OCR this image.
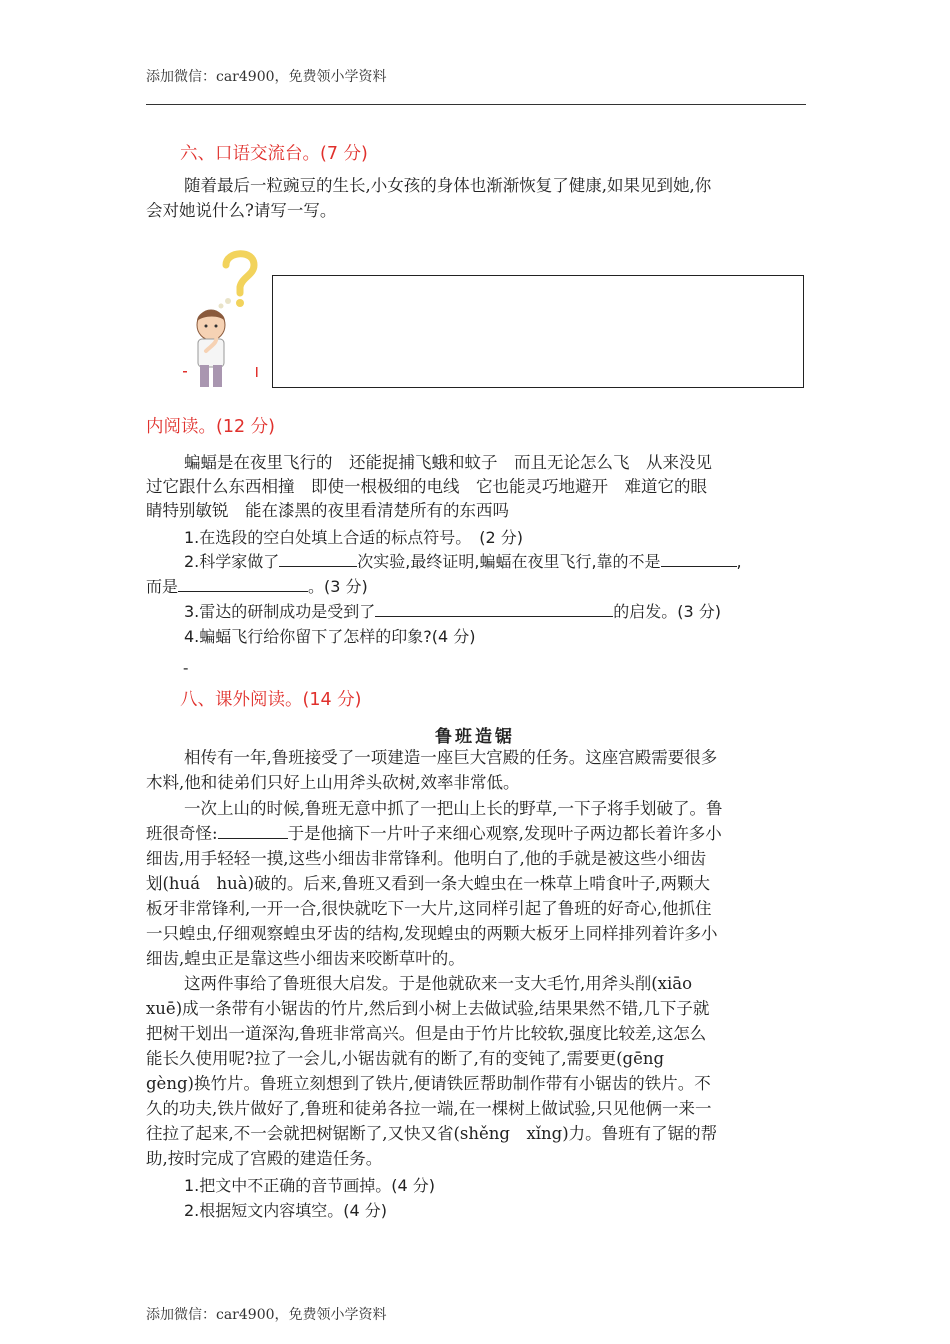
添加微信：car4900，免费领小学资料
六、口语交流台。(7 分)
随着最后一粒豌豆的生长,小女孩的身体也渐渐恢复了健康,如果见到她,你
会对她说什么?请写一写。
内阅读。(12 分)
蝙蝠是在夜里飞行的　还能捉捕飞蛾和蚊子　而且无论怎么飞　从来没见
过它跟什么东西相撞　即使一根极细的电线　它也能灵巧地避开　难道它的眼
睛特别敏锐　能在漆黑的夜里看清楚所有的东西吗
1.在选段的空白处填上合适的标点符号。　(2 分)
2.科学家做了	次实验,最终证明,蝙蝠在夜里飞行,靠的不是	,
而是	。(3 分)
3.雷达的研制成功是受到了	的启发。(3 分)
4.蝙蝠飞行给你留下了怎样的印象?(4 分)
-
八、课外阅读。(14 分)
鲁班造锯
相传有一年,鲁班接受了一项建造一座巨大宫殿的任务。这座宫殿需要很多
木料,他和徒弟们只好上山用斧头砍树,效率非常低。
一次上山的时候,鲁班无意中抓了一把山上长的野草,一下子将手划破了。鲁
班很奇怪:	于是他摘下一片叶子来细心观察,发现叶子两边都长着许多小
细齿,用手轻轻一摸,这些小细齿非常锋利。他明白了,他的手就是被这些小细齿
划(huá　huà)破的。后来,鲁班又看到一条大蝗虫在一株草上啃食叶子,两颗大
板牙非常锋利,一开一合,很快就吃下一大片,这同样引起了鲁班的好奇心,他抓住
一只蝗虫,仔细观察蝗虫牙齿的结构,发现蝗虫的两颗大板牙上同样排列着许多小
细齿,蝗虫正是靠这些小细齿来咬断草叶的。
这两件事给了鲁班很大启发。于是他就砍来一支大毛竹,用斧头削(xiāo
xuē)成一条带有小锯齿的竹片,然后到小树上去做试验,结果果然不错,几下子就
把树干划出一道深沟,鲁班非常高兴。但是由于竹片比较软,强度比较差,这怎么
能长久使用呢?拉了一会儿,小锯齿就有的断了,有的变钝了,需要更(gēng
gèng)换竹片。鲁班立刻想到了铁片,便请铁匠帮助制作带有小锯齿的铁片。不
久的功夫,铁片做好了,鲁班和徒弟各拉一端,在一棵树上做试验,只见他俩一来一
往拉了起来,不一会就把树锯断了,又快又省(shěng　xǐng)力。鲁班有了锯的帮
助,按时完成了宫殿的建造任务。
1.把文中不正确的音节画掉。(4 分)
2.根据短文内容填空。(4 分)
添加微信：car4900，免费领小学资料
